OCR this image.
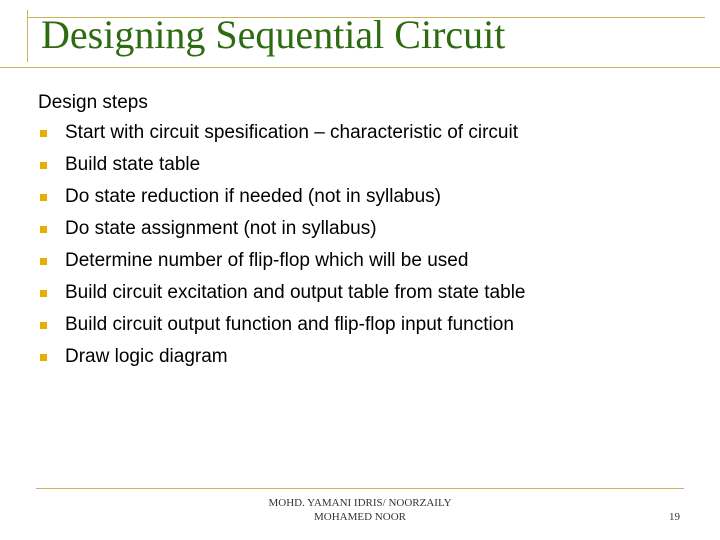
Designing Sequential Circuit

Design steps

Start with circuit spesification – characteristic of circuit
Build state table
Do state reduction if needed (not in syllabus)
Do state assignment (not in syllabus)
Determine number of flip-flop which will be used
Build circuit excitation and output table from state table
Build circuit output function and flip-flop input function
Draw logic diagram
MOHD. YAMANI IDRIS/ NOORZAILY
MOHAMED NOOR	19
